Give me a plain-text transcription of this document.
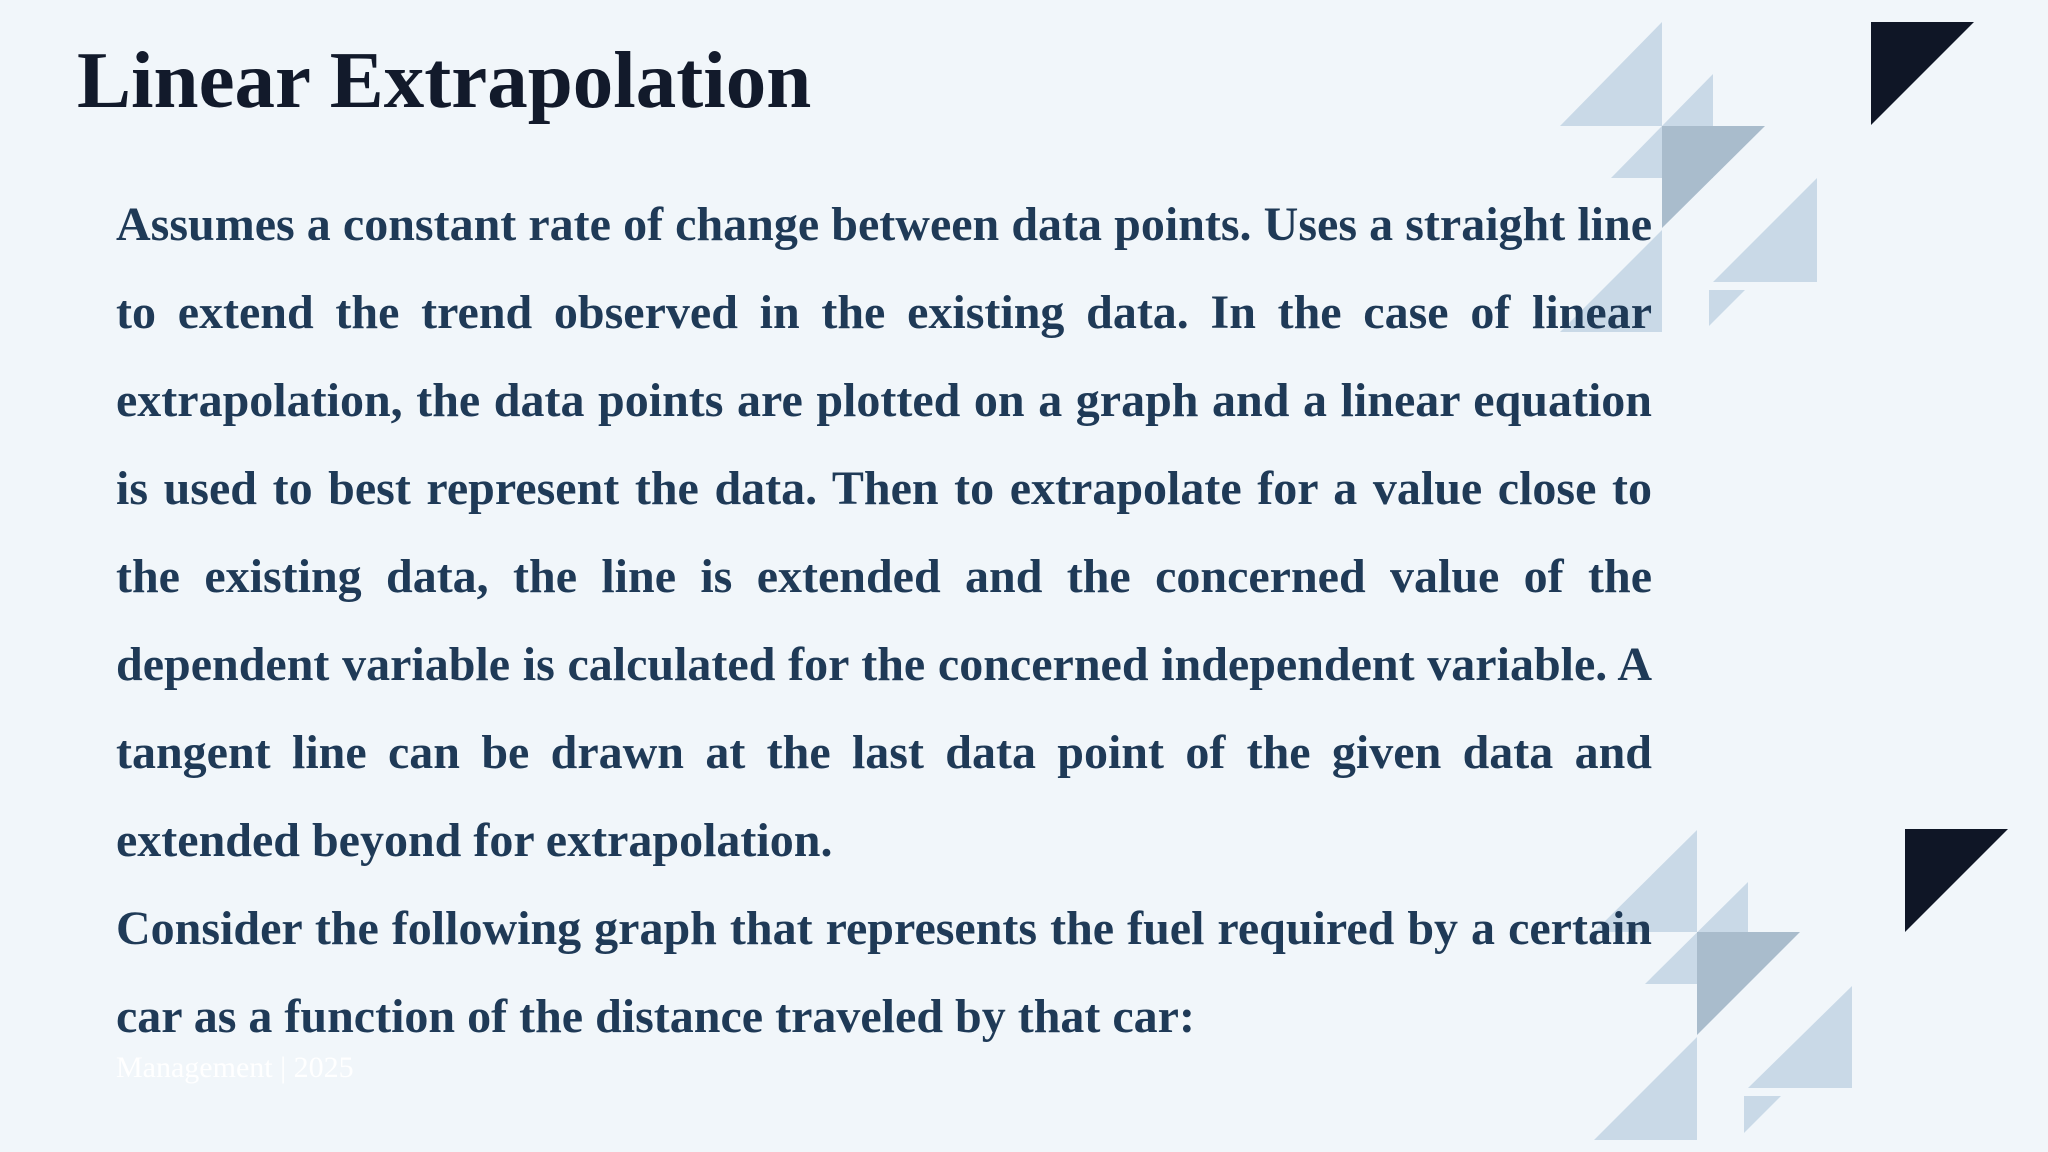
Linear Extrapolation

Assumes a constant rate of change between data points. Uses a straight line to extend the trend observed in the existing data. In the case of linear extrapolation, the data points are plotted on a graph and a linear equation is used to best represent the data. Then to extrapolate for a value close to the existing data, the line is extended and the concerned value of the dependent variable is calculated for the concerned independent variable. A tangent line can be drawn at the last data point of the given data and extended beyond for extrapolation.

Consider the following graph that represents the fuel required by a certain car as a function of the distance traveled by that car:

Management | 2025
